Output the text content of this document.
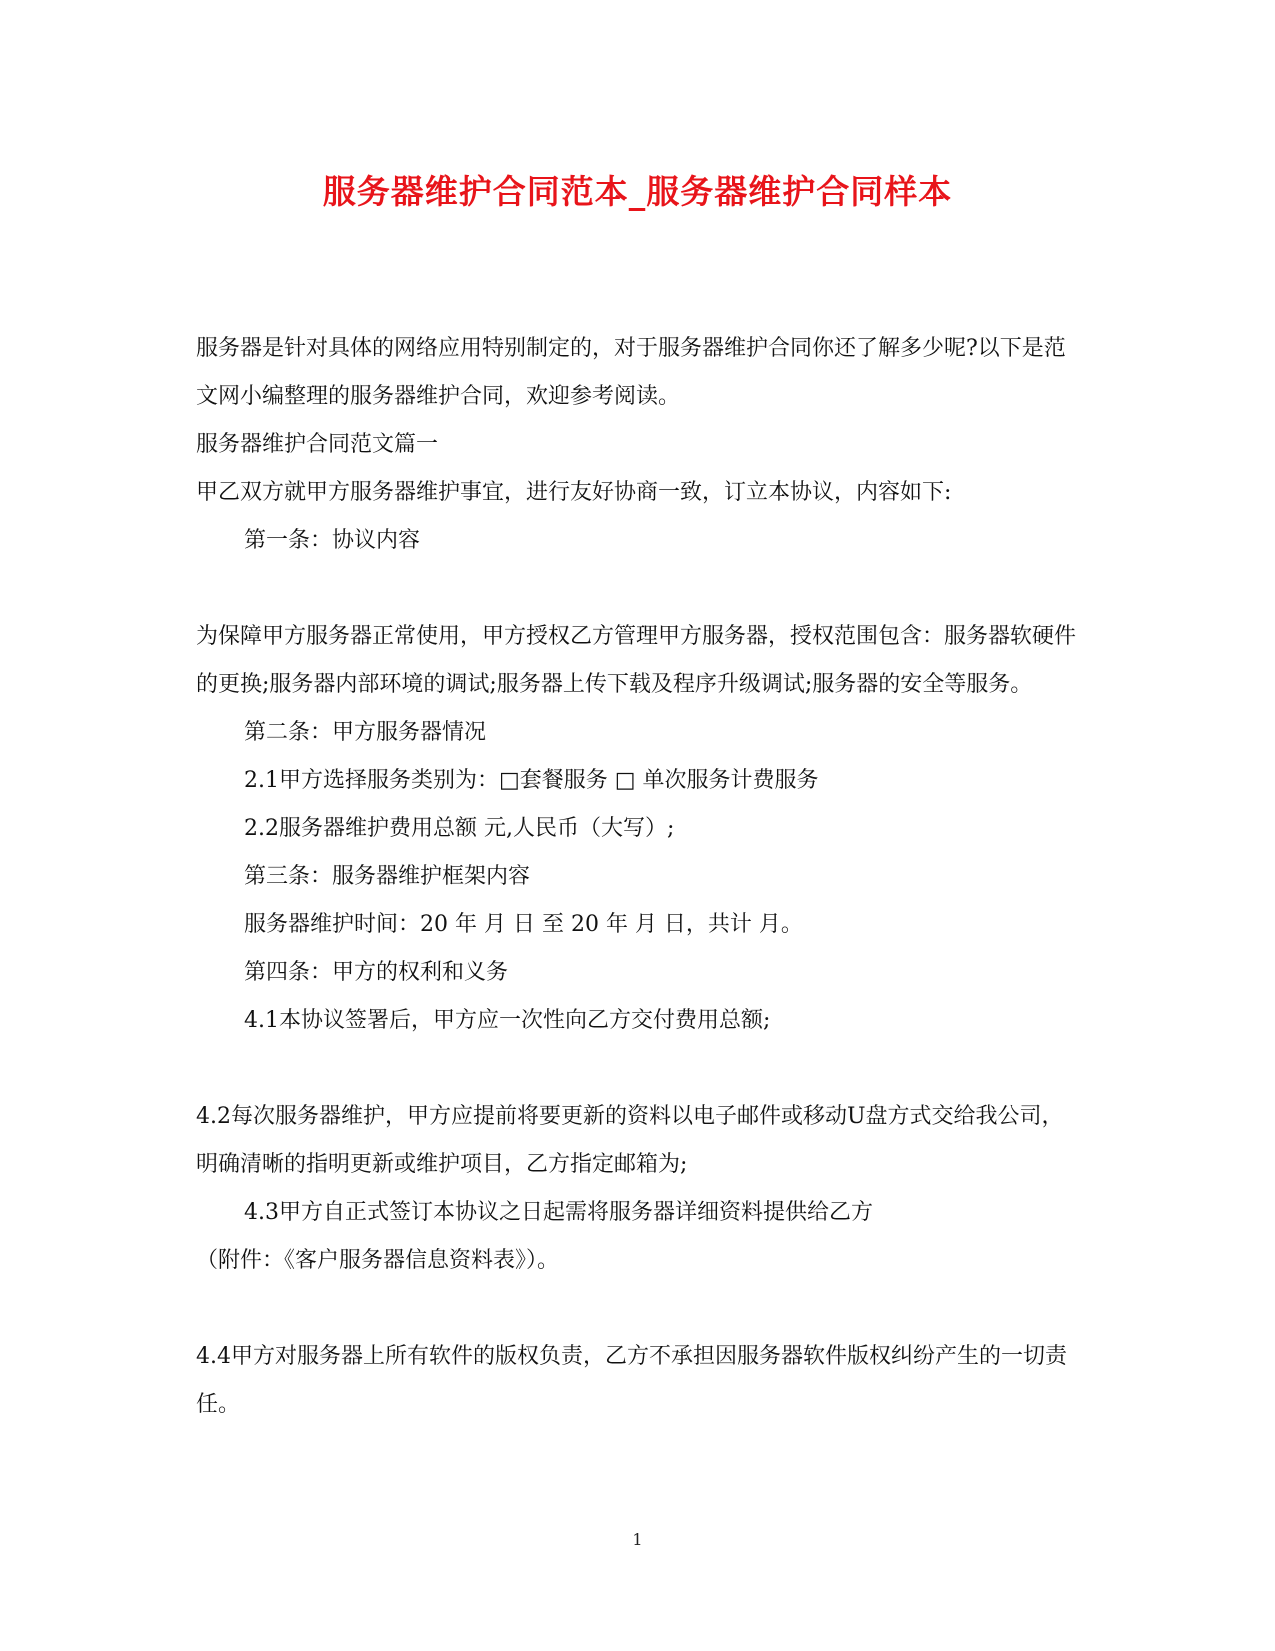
服务器维护合同范本_服务器维护合同样本

服务器是针对具体的网络应用特别制定的，对于服务器维护合同你还了解多少呢?以下是范文网小编整理的服务器维护合同，欢迎参考阅读。

服务器维护合同范文篇一

甲乙双方就甲方服务器维护事宜，进行友好协商一致，订立本协议，内容如下:

第一条：协议内容

为保障甲方服务器正常使用，甲方授权乙方管理甲方服务器，授权范围包含：服务器软硬件的更换;服务器内部环境的调试;服务器上传下载及程序升级调试;服务器的安全等服务。

第二条：甲方服务器情况

2.1甲方选择服务类别为：□套餐服务 □ 单次服务计费服务

2.2服务器维护费用总额 元,人民币（大写）;

第三条：服务器维护框架内容

服务器维护时间：20 年 月 日 至 20 年 月 日，共计 月。

第四条：甲方的权利和义务

4.1本协议签署后，甲方应一次性向乙方交付费用总额;

4.2每次服务器维护，甲方应提前将要更新的资料以电子邮件或移动U盘方式交给我公司，明确清晰的指明更新或维护项目，乙方指定邮箱为;

4.3甲方自正式签订本协议之日起需将服务器详细资料提供给乙方

（附件：《客户服务器信息资料表》）。

4.4甲方对服务器上所有软件的版权负责，乙方不承担因服务器软件版权纠纷产生的一切责任。

1
